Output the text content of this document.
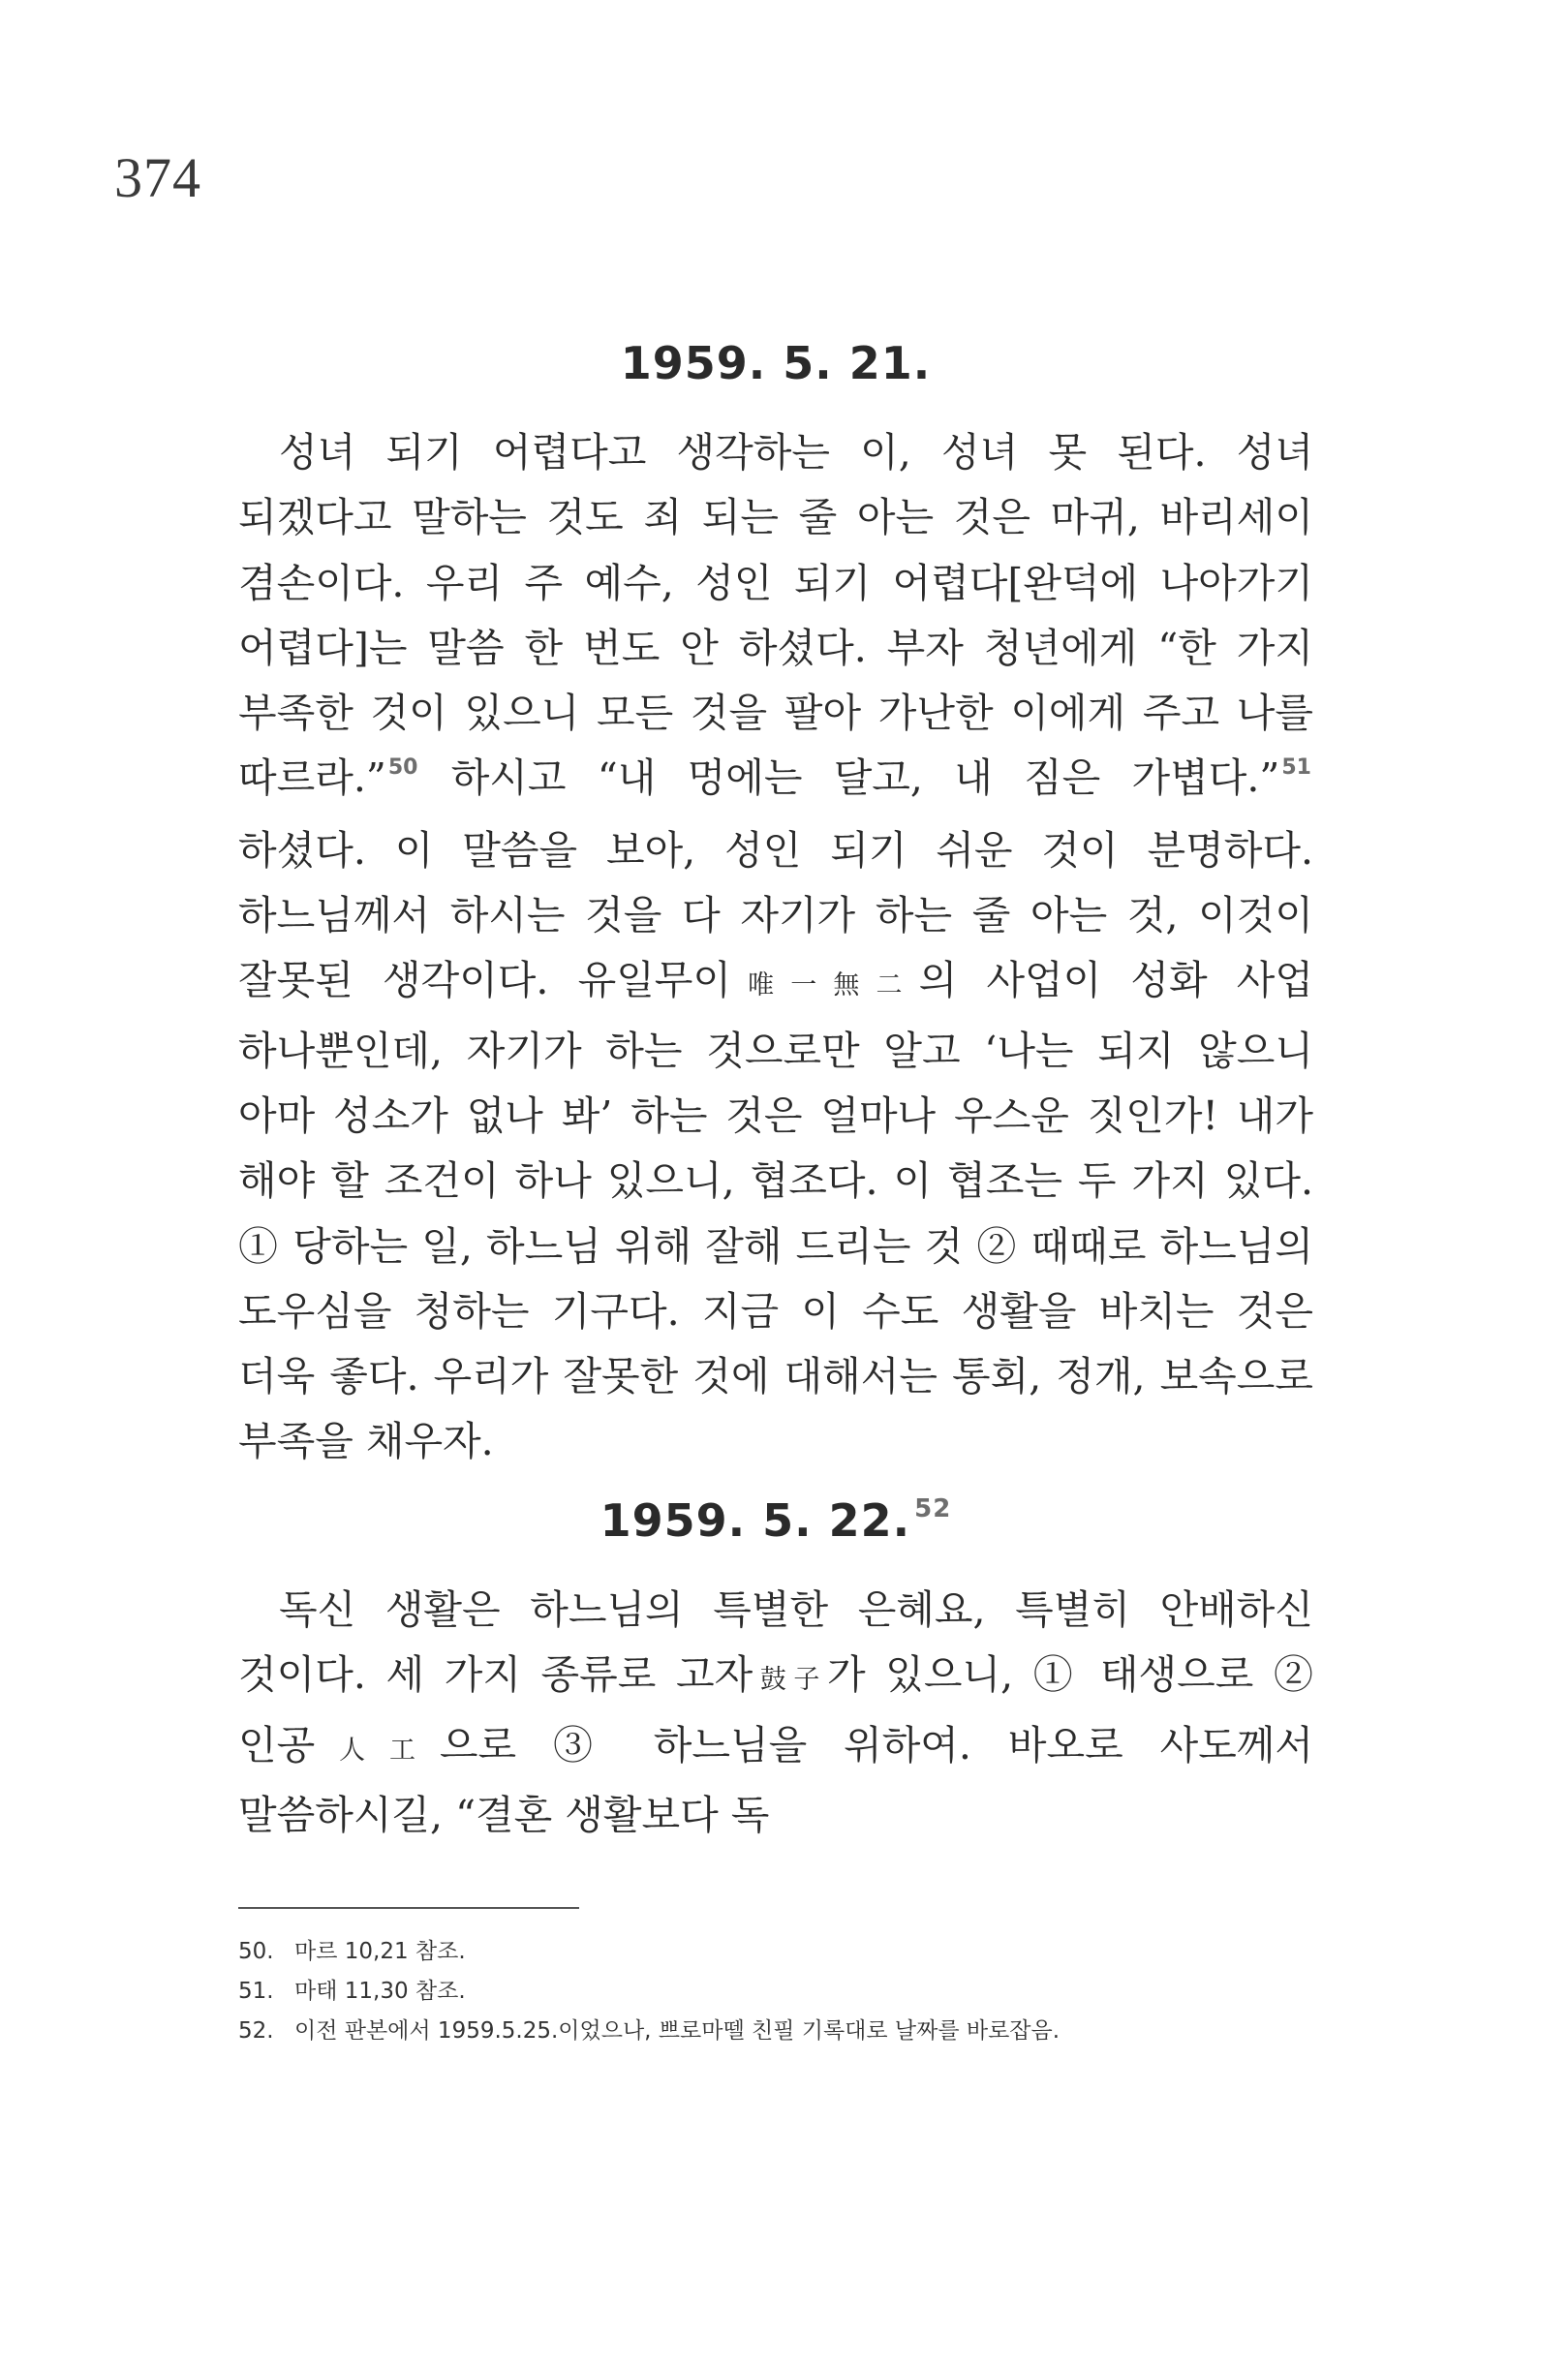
374
1959. 5. 21.

성녀 되기 어렵다고 생각하는 이, 성녀 못 된다. 성녀 되겠다고 말하는 것도 죄 되는 줄 아는 것은 마귀, 바리세이 겸손이다. 우리 주 예수, 성인 되기 어렵다[완덕에 나아가기 어렵다]는 말씀 한 번도 안 하셨다. 부자 청년에게 “한 가지 부족한 것이 있으니 모든 것을 팔아 가난한 이에게 주고 나를 따르라.”$^{50}$ 하시고 “내 멍에는 달고, 내 짐은 가볍다.”$^{51}$ 하셨다. 이 말씀을 보아, 성인 되기 쉬운 것이 분명하다. 하느님께서 하시는 것을 다 자기가 하는 줄 아는 것, 이것이 잘못된 생각이다. 유일무이唯一無二의 사업이 성화 사업 하나뿐인데, 자기가 하는 것으로만 알고 ‘나는 되지 않으니 아마 성소가 없나 봐’ 하는 것은 얼마나 우스운 짓인가! 내가 해야 할 조건이 하나 있으니, 협조다. 이 협조는 두 가지 있다. ① 당하는 일, 하느님 위해 잘해 드리는 것 ② 때때로 하느님의 도우심을 청하는 기구다. 지금 이 수도 생활을 바치는 것은 더욱 좋다. 우리가 잘못한 것에 대해서는 통회, 정개, 보속으로 부족을 채우자.

1959. 5. 22. $^{52}$

독신 생활은 하느님의 특별한 은혜요, 특별히 안배하신 것이다. 세 가지 종류로 고자鼓子가 있으니, ① 태생으로 ② 인공人工으로 ③ 하느님을 위하여. 바오로 사도께서 말씀하시길, “결혼 생활보다 독

50. 마르 10,21 참조.
51. 마태 11,30 참조.
52. 이전 판본에서 1959.5.25.이었으나, 쁘로마뗄 친필 기록대로 날짜를 바로잡음.
